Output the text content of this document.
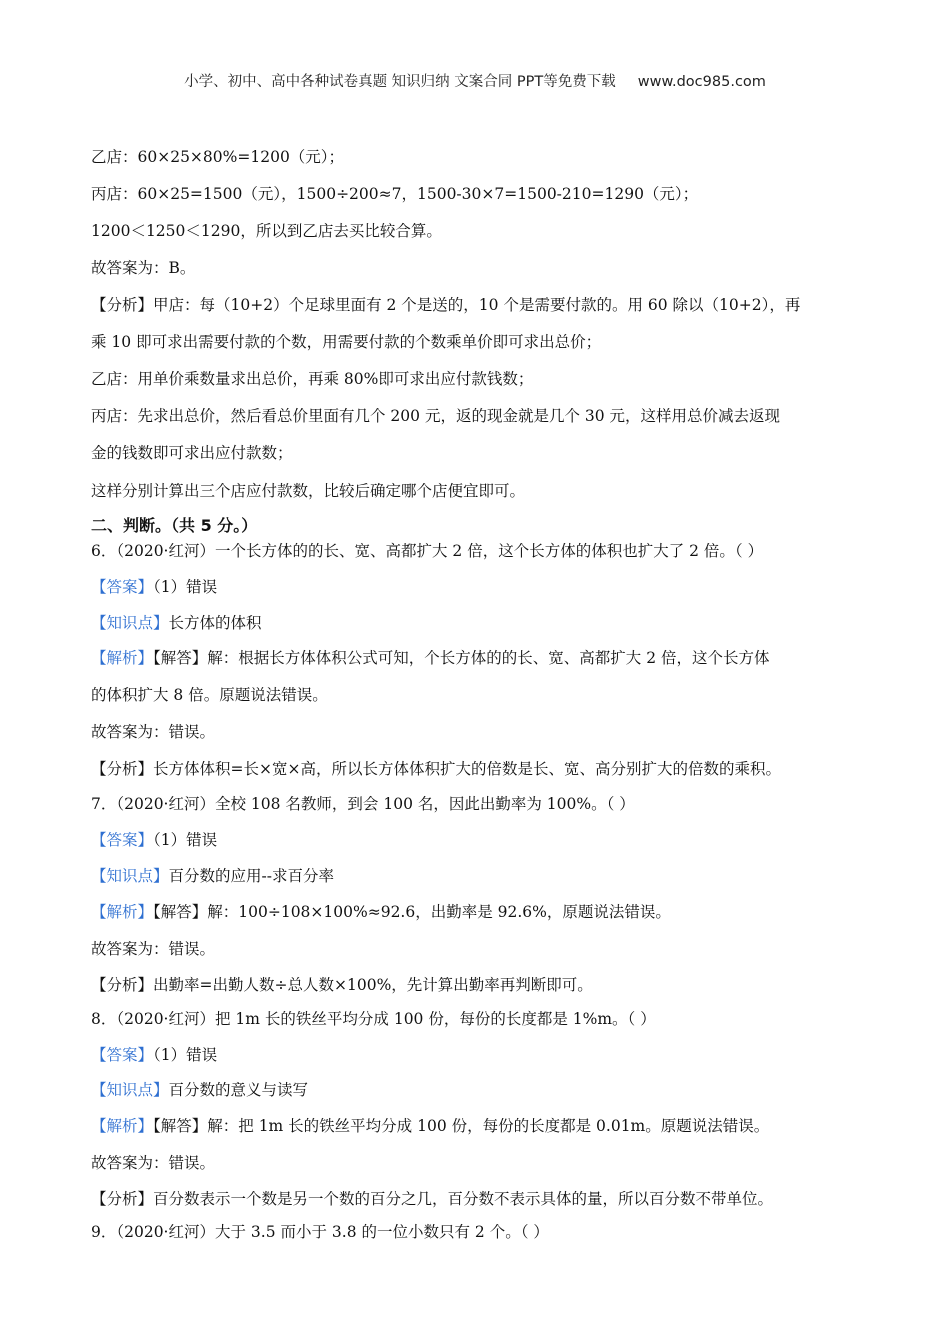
小学、初中、高中各种试卷真题 知识归纳 文案合同 PPT等免费下载 www.doc985.com
乙店：60×25×80%=1200（元）；
丙店：60×25=1500（元），1500÷200≈7，1500-30×7=1500-210=1290（元）；
1200＜1250＜1290，所以到乙店去买比较合算。
故答案为：B。
【分析】甲店：每（10+2）个足球里面有 2 个是送的，10 个是需要付款的。用 60 除以（10+2），再
乘 10 即可求出需要付款的个数，用需要付款的个数乘单价即可求出总价；
乙店：用单价乘数量求出总价，再乘 80%即可求出应付款钱数；
丙店：先求出总价，然后看总价里面有几个 200 元，返的现金就是几个 30 元，这样用总价减去返现
金的钱数即可求出应付款数；
这样分别计算出三个店应付款数，比较后确定哪个店便宜即可。
二、判断。（共 5 分。）
6．（2020·红河）一个长方体的的长、宽、高都扩大 2 倍，这个长方体的体积也扩大了 2 倍。（ ）
【答案】（1）错误
【知识点】长方体的体积
【解析】【解答】解：根据长方体体积公式可知，个长方体的的长、宽、高都扩大 2 倍，这个长方体
的体积扩大 8 倍。原题说法错误。
故答案为：错误。
【分析】长方体体积=长×宽×高，所以长方体体积扩大的倍数是长、宽、高分别扩大的倍数的乘积。
7．（2020·红河）全校 108 名教师，到会 100 名，因此出勤率为 100%。（ ）
【答案】（1）错误
【知识点】百分数的应用--求百分率
【解析】【解答】解：100÷108×100%≈92.6，出勤率是 92.6%，原题说法错误。
故答案为：错误。
【分析】出勤率=出勤人数÷总人数×100%，先计算出勤率再判断即可。
8．（2020·红河）把 1m 长的铁丝平均分成 100 份，每份的长度都是 1%m。（ ）
【答案】（1）错误
【知识点】百分数的意义与读写
【解析】【解答】解：把 1m 长的铁丝平均分成 100 份，每份的长度都是 0.01m。原题说法错误。
故答案为：错误。
【分析】百分数表示一个数是另一个数的百分之几，百分数不表示具体的量，所以百分数不带单位。
9．（2020·红河）大于 3.5 而小于 3.8 的一位小数只有 2 个。（ ）
